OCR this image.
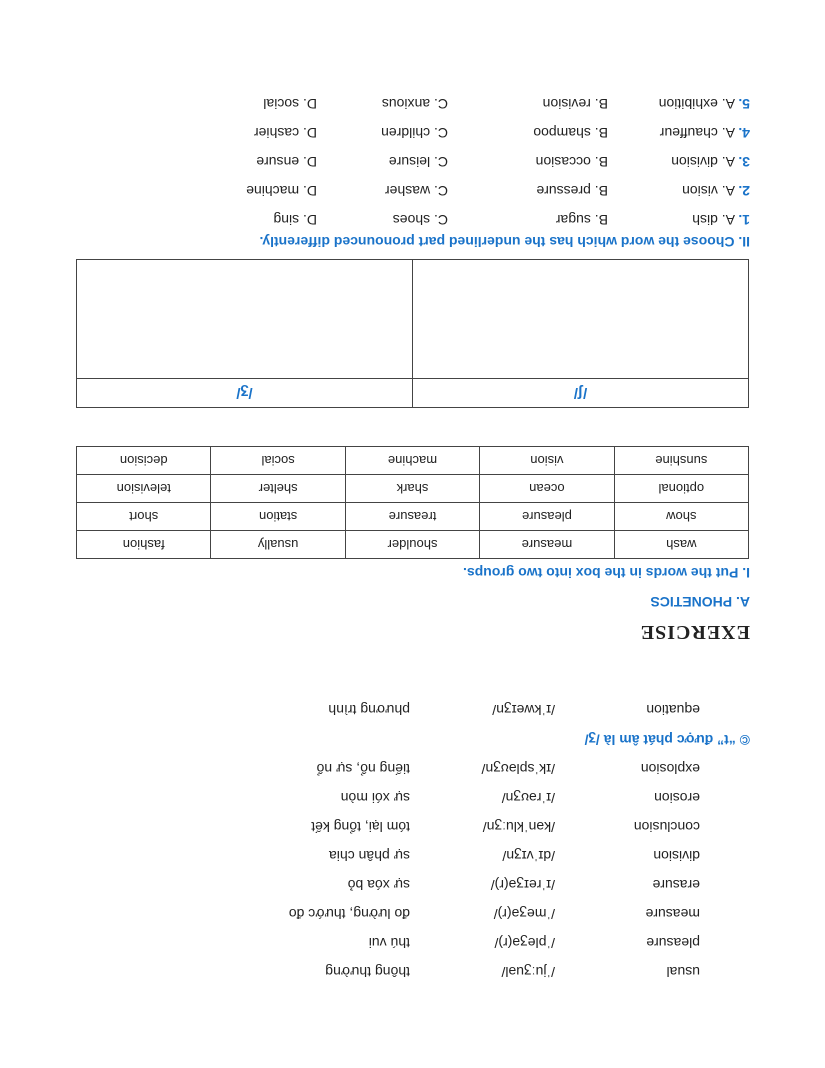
usual
/ˈjuːʒuəl/
thông thường
pleasure
/ˈpleʒə(r)/
thú vui
measure
/ˈmeʒə(r)/
đo lường, thước đo
erasure
/ɪˈreɪʒə(r)/
sự xóa bỏ
division
/dɪˈvɪʒn/
sự phân chia
conclusion
/kənˈkluːʒn/
tóm lại, tổng kết
erosion
/ɪˈrəʊʒn/
sự xói mòn
explosion
/ɪkˈspləʊʒn/
tiếng nổ, sự nổ
© “t” được phát âm là /ʒ/
equation
/ɪˈkweɪʒn/
phương trình
EXERCISE
A. PHONETICS
I. Put the words in the box into two groups.
wash	measure	shoulder	usually	fashion
show	pleasure	treasure	station	short
optional	ocean	shark	shelter	television
sunshine	vision	machine	social	decision
/ʃ/	/ʒ/

II. Choose the word which has the underlined part pronounced differently.
1.
A. dish
B. sugar
C. shoes
D. sing
2.
A. vision
B. pressure
C. washer
D. machine
3.
A. division
B. occasion
C. leisure
D. ensure
4.
A. chauffeur
B. shampoo
C. children
D. cashier
5.
A. exhibition
B. revision
C. anxious
D. social
